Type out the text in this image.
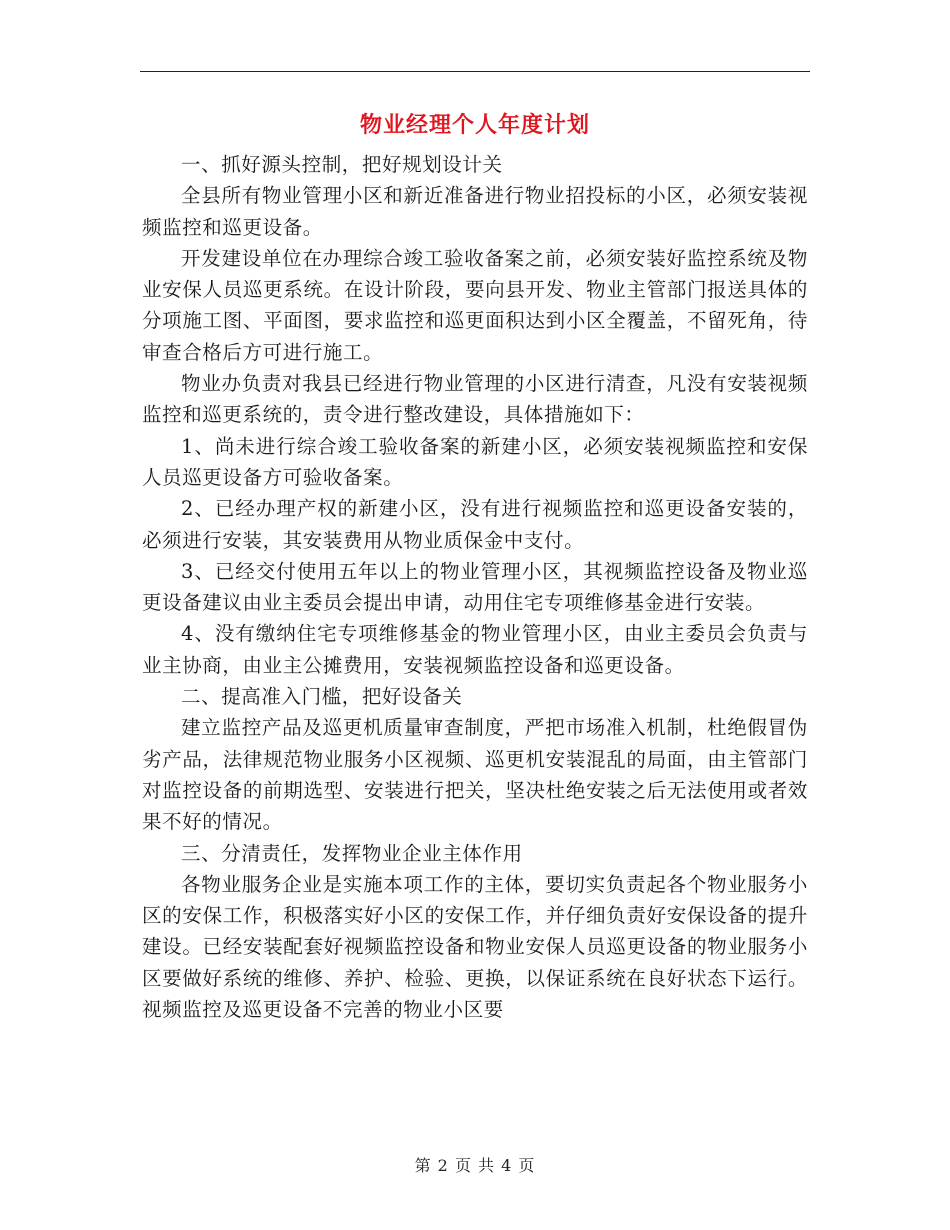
物业经理个人年度计划

一、抓好源头控制，把好规划设计关

全县所有物业管理小区和新近准备进行物业招投标的小区，必须安装视频监控和巡更设备。

开发建设单位在办理综合竣工验收备案之前，必须安装好监控系统及物业安保人员巡更系统。在设计阶段，要向县开发、物业主管部门报送具体的分项施工图、平面图，要求监控和巡更面积达到小区全覆盖，不留死角，待审查合格后方可进行施工。

物业办负责对我县已经进行物业管理的小区进行清查，凡没有安装视频监控和巡更系统的，责令进行整改建设，具体措施如下：

1、尚未进行综合竣工验收备案的新建小区，必须安装视频监控和安保人员巡更设备方可验收备案。

2、已经办理产权的新建小区，没有进行视频监控和巡更设备安装的，必须进行安装，其安装费用从物业质保金中支付。

3、已经交付使用五年以上的物业管理小区，其视频监控设备及物业巡更设备建议由业主委员会提出申请，动用住宅专项维修基金进行安装。

4、没有缴纳住宅专项维修基金的物业管理小区，由业主委员会负责与业主协商，由业主公摊费用，安装视频监控设备和巡更设备。

二、提高准入门槛，把好设备关

建立监控产品及巡更机质量审查制度，严把市场准入机制，杜绝假冒伪劣产品，法律规范物业服务小区视频、巡更机安装混乱的局面，由主管部门对监控设备的前期选型、安装进行把关，坚决杜绝安装之后无法使用或者效果不好的情况。

三、分清责任，发挥物业企业主体作用

各物业服务企业是实施本项工作的主体，要切实负责起各个物业服务小区的安保工作，积极落实好小区的安保工作，并仔细负责好安保设备的提升建设。已经安装配套好视频监控设备和物业安保人员巡更设备的物业服务小区要做好系统的维修、养护、检验、更换，以保证系统在良好状态下运行。视频监控及巡更设备不完善的物业小区要

第 2 页 共 4 页
